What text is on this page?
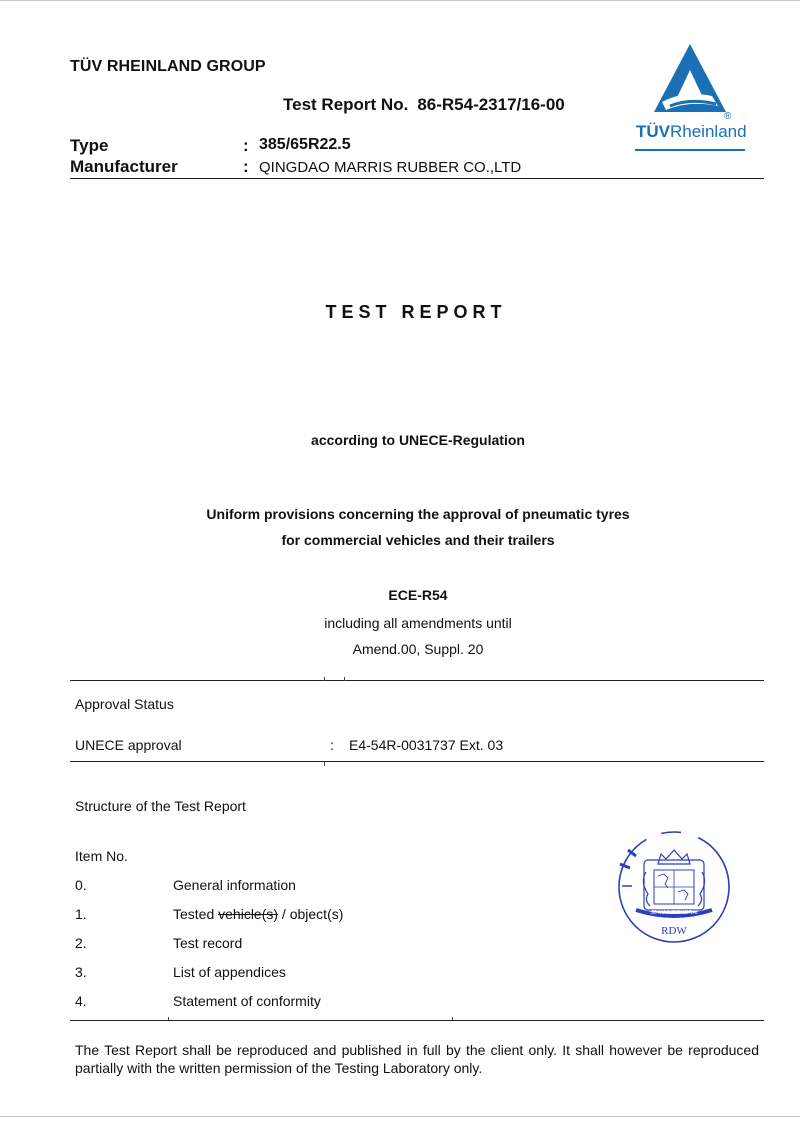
TÜV RHEINLAND GROUP
Test Report No. 86-R54-2317/16-00
TÜVRheinland
®
Type	: 385/65R22.5
Manufacturer	: QINGDAO MARRIS RUBBER CO.,LTD
TEST REPORT
according to UNECE-Regulation
Uniform provisions concerning the approval of pneumatic tyres
for commercial vehicles and their trailers
ECE-R54
including all amendments until
Amend.00, Suppl. 20
Approval Status
UNECE approval	: E4-54R-0031737 Ext. 03
Structure of the Test Report
Item No.
0.	General information
1.	Tested vehicle(s) / object(s)
2.	Test record
3.	List of appendices
4.	Statement of conformity
JE MAINTIENDRAI
RDW
The Test Report shall be reproduced and published in full by the client only. It shall however be reproduced partially with the written permission of the Testing Laboratory only.
